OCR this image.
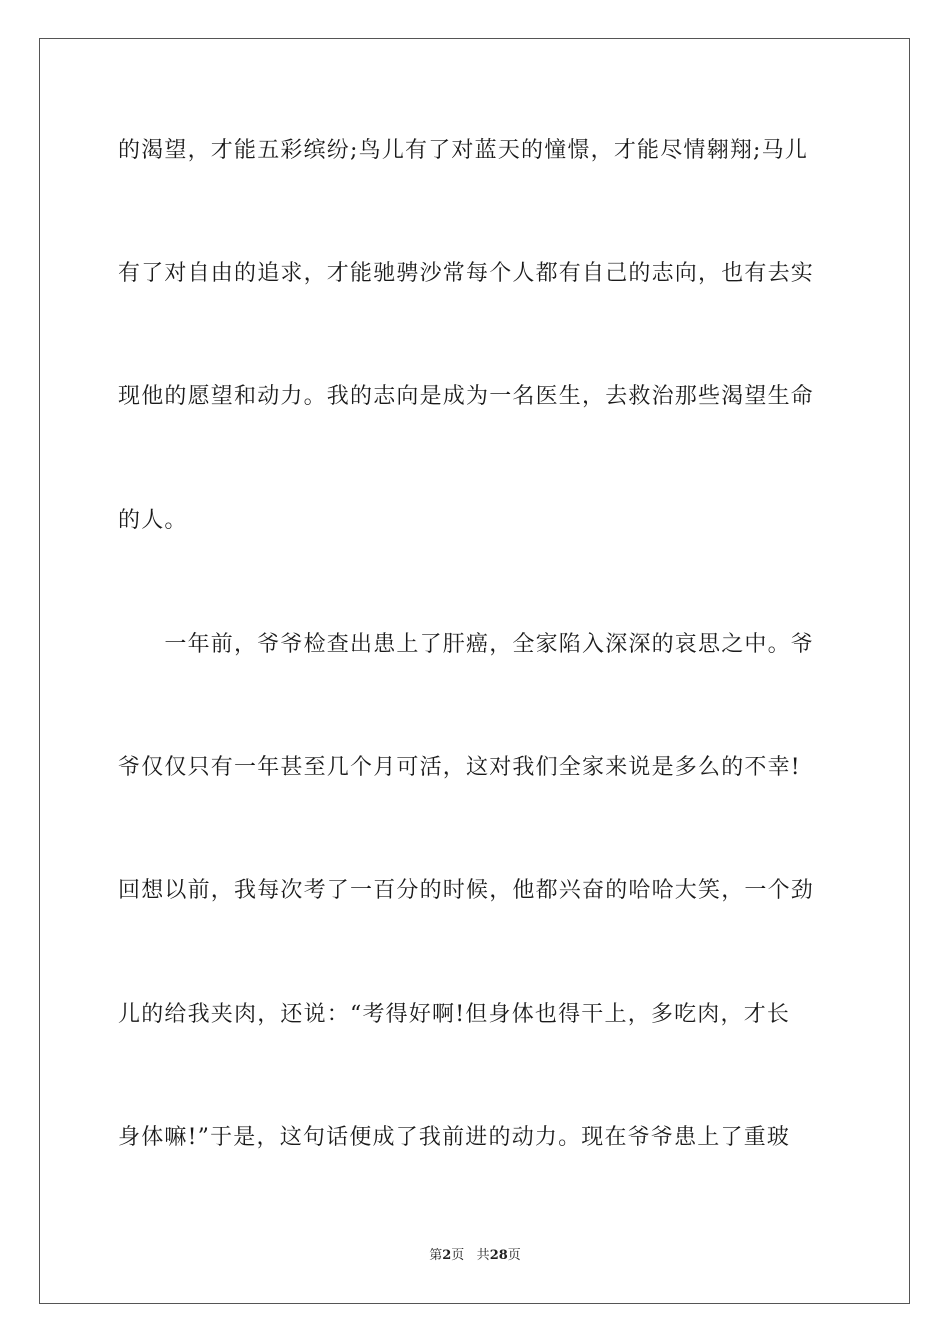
的渴望，才能五彩缤纷;鸟儿有了对蓝天的憧憬，才能尽情翱翔;马儿
有了对自由的追求，才能驰骋沙常每个人都有自己的志向，也有去实
现他的愿望和动力。我的志向是成为一名医生，去救治那些渴望生命
的人。
　　一年前，爷爷检查出患上了肝癌，全家陷入深深的哀思之中。爷
爷仅仅只有一年甚至几个月可活，这对我们全家来说是多么的不幸!
回想以前，我每次考了一百分的时候，他都兴奋的哈哈大笑，一个劲
儿的给我夹肉，还说：“考得好啊!但身体也得干上，多吃肉，才长
身体嘛!”于是，这句话便成了我前进的动力。现在爷爷患上了重玻
第2页 共28页
